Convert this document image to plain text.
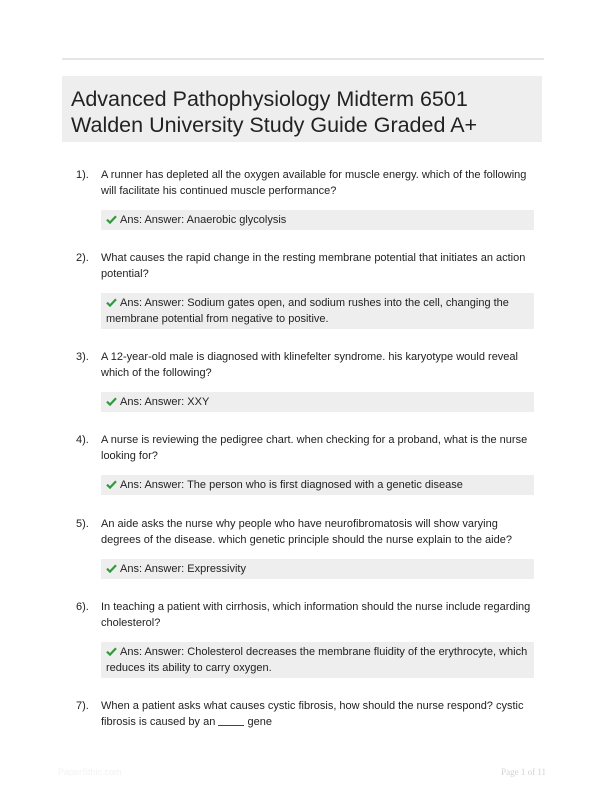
Advanced Pathophysiology Midterm 6501
Walden University Study Guide Graded A+
1). A runner has depleted all the oxygen available for muscle energy. which of the following will facilitate his continued muscle performance?
Ans: Answer: Anaerobic glycolysis
2). What causes the rapid change in the resting membrane potential that initiates an action potential?
Ans: Answer: Sodium gates open, and sodium rushes into the cell, changing the membrane potential from negative to positive.
3). A 12-year-old male is diagnosed with klinefelter syndrome. his karyotype would reveal which of the following?
Ans: Answer: XXY
4). A nurse is reviewing the pedigree chart. when checking for a proband, what is the nurse looking for?
Ans: Answer: The person who is first diagnosed with a genetic disease
5). An aide asks the nurse why people who have neurofibromatosis will show varying degrees of the disease. which genetic principle should the nurse explain to the aide?
Ans: Answer: Expressivity
6). In teaching a patient with cirrhosis, which information should the nurse include regarding cholesterol?
Ans: Answer: Cholesterol decreases the membrane fluidity of the erythrocyte, which reduces its ability to carry oxygen.
7). When a patient asks what causes cystic fibrosis, how should the nurse respond? cystic fibrosis is caused by an	gene
PaperSthic.com	Page 1 of 11
